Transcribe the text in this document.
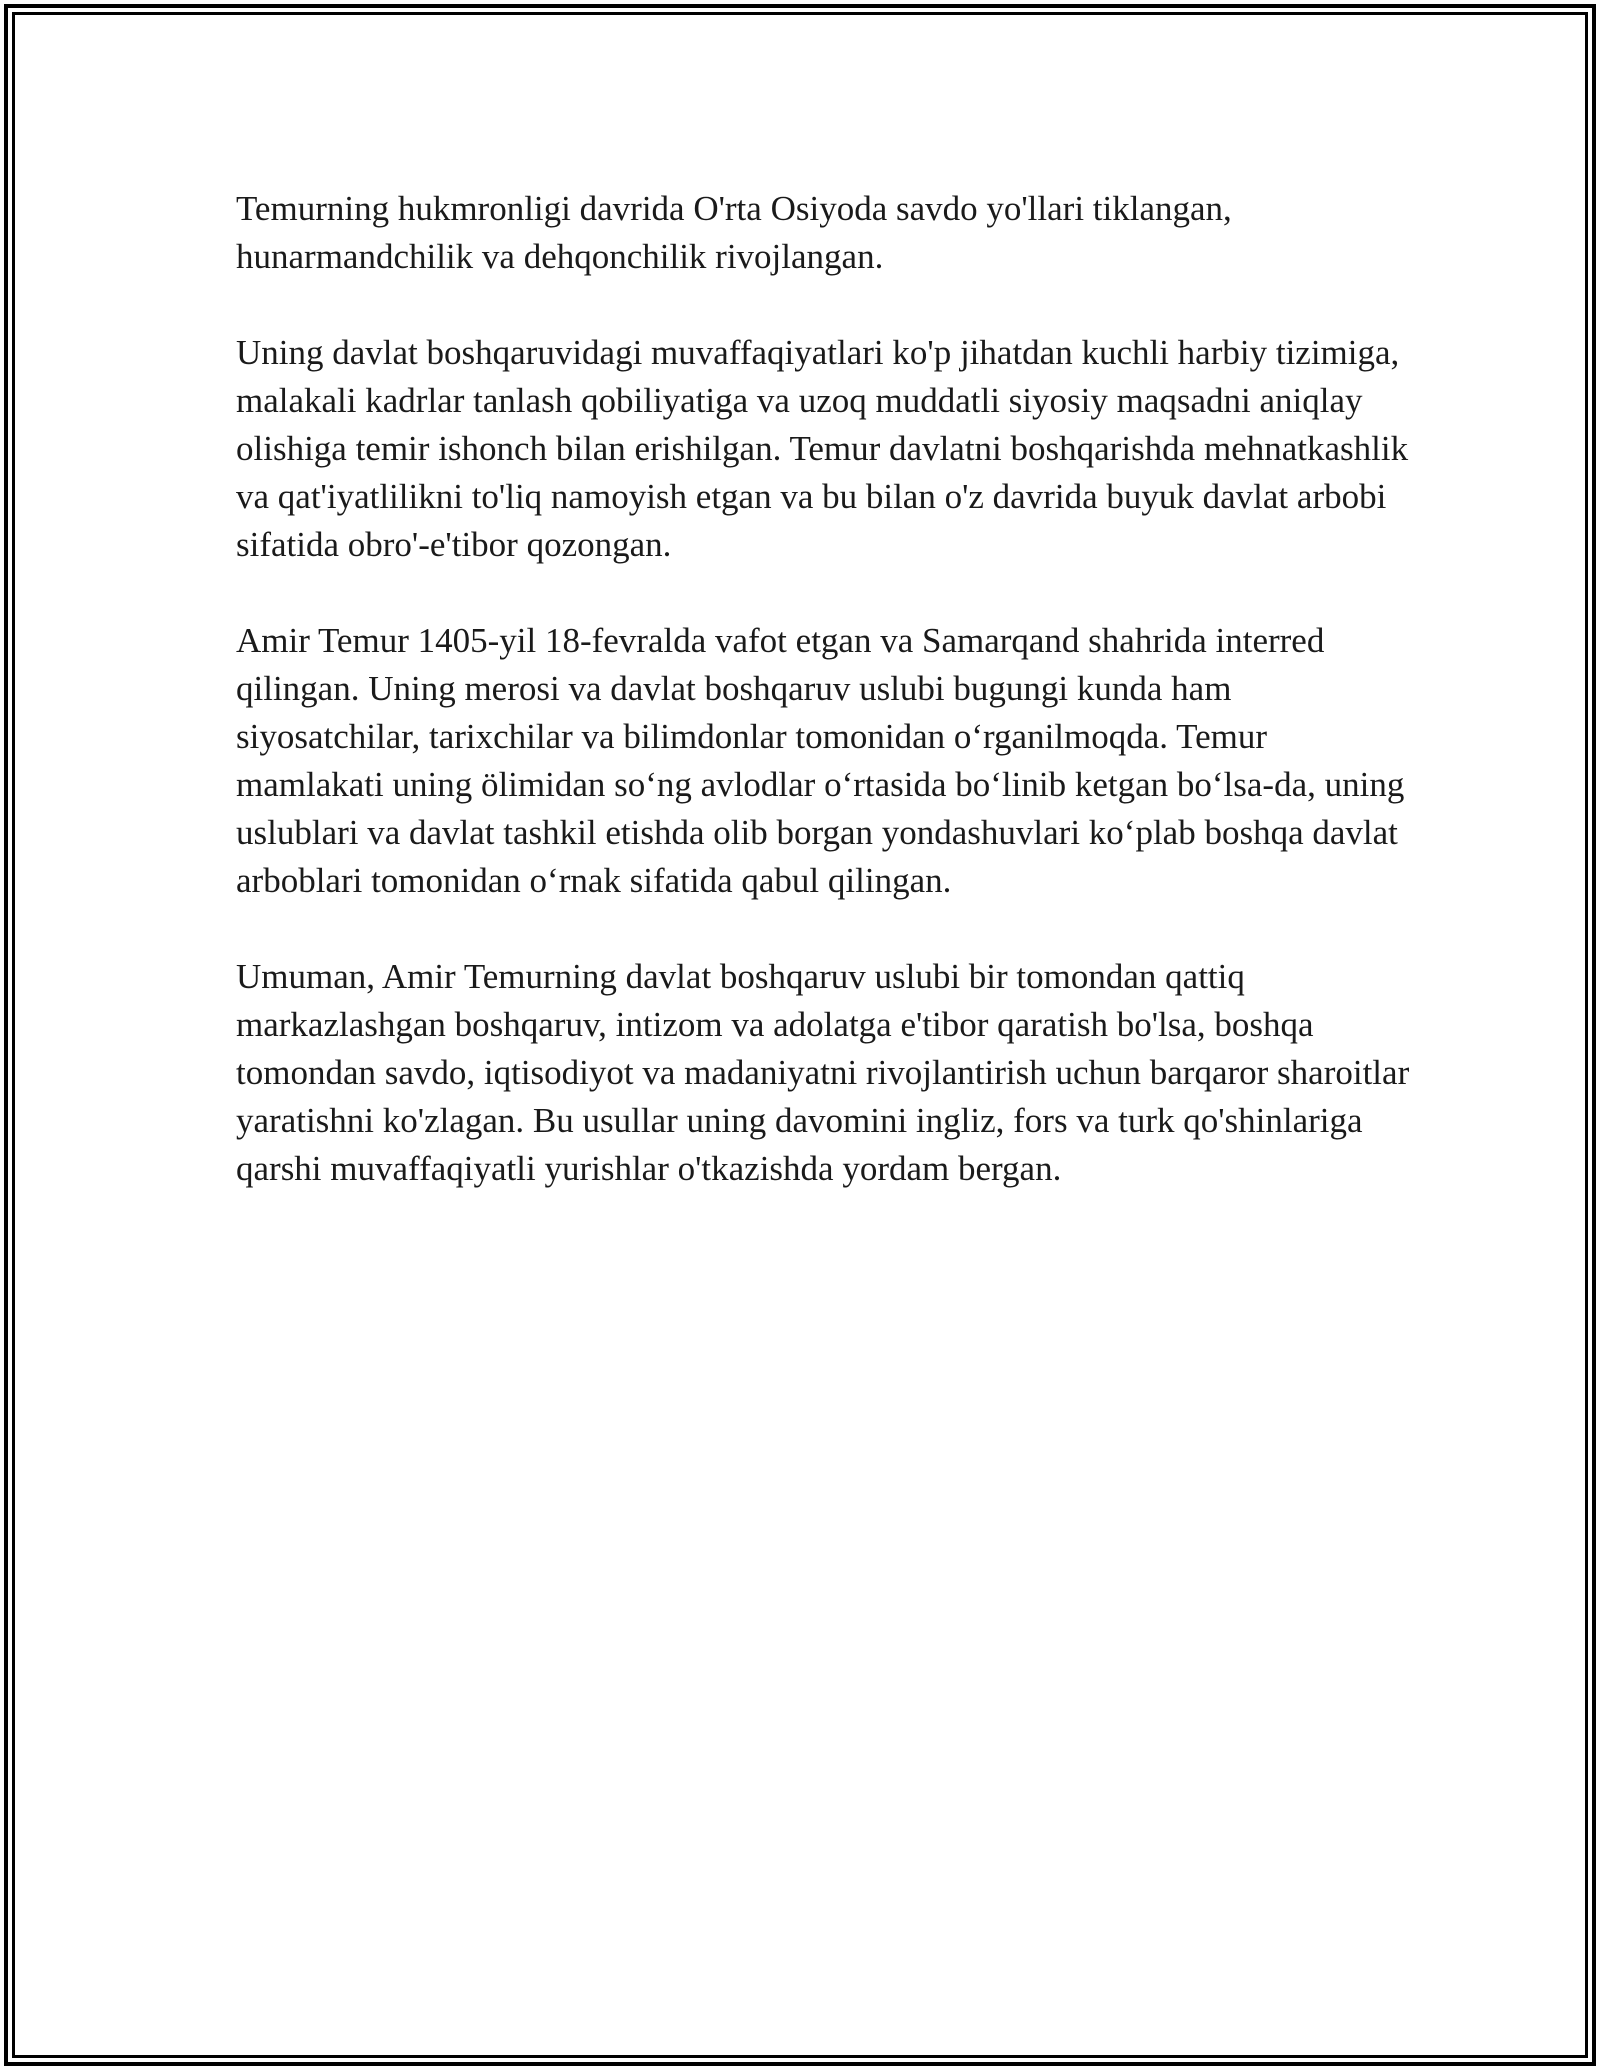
Temurning hukmronligi davrida O'rta Osiyoda savdo yo'llari tiklangan, hunarmandchilik va dehqonchilik rivojlangan.

Uning davlat boshqaruvidagi muvaffaqiyatlari ko'p jihatdan kuchli harbiy tizimiga, malakali kadrlar tanlash qobiliyatiga va uzoq muddatli siyosiy maqsadni aniqlay olishiga temir ishonch bilan erishilgan. Temur davlatni boshqarishda mehnatkashlik va qat'iyatlilikni to'liq namoyish etgan va bu bilan o'z davrida buyuk davlat arbobi sifatida obro'-e'tibor qozongan.

Amir Temur 1405-yil 18-fevralda vafot etgan va Samarqand shahrida interred qilingan. Uning merosi va davlat boshqaruv uslubi bugungi kunda ham siyosatchilar, tarixchilar va bilimdonlar tomonidan o‘rganilmoqda. Temur mamlakati uning ölimidan so‘ng avlodlar o‘rtasida bo‘linib ketgan bo‘lsa-da, uning uslublari va davlat tashkil etishda olib borgan yondashuvlari ko‘plab boshqa davlat arboblari tomonidan o‘rnak sifatida qabul qilingan.

Umuman, Amir Temurning davlat boshqaruv uslubi bir tomondan qattiq markazlashgan boshqaruv, intizom va adolatga e'tibor qaratish bo'lsa, boshqa tomondan savdo, iqtisodiyot va madaniyatni rivojlantirish uchun barqaror sharoitlar yaratishni ko'zlagan. Bu usullar uning davomini ingliz, fors va turk qo'shinlariga qarshi muvaffaqiyatli yurishlar o'tkazishda yordam bergan.
